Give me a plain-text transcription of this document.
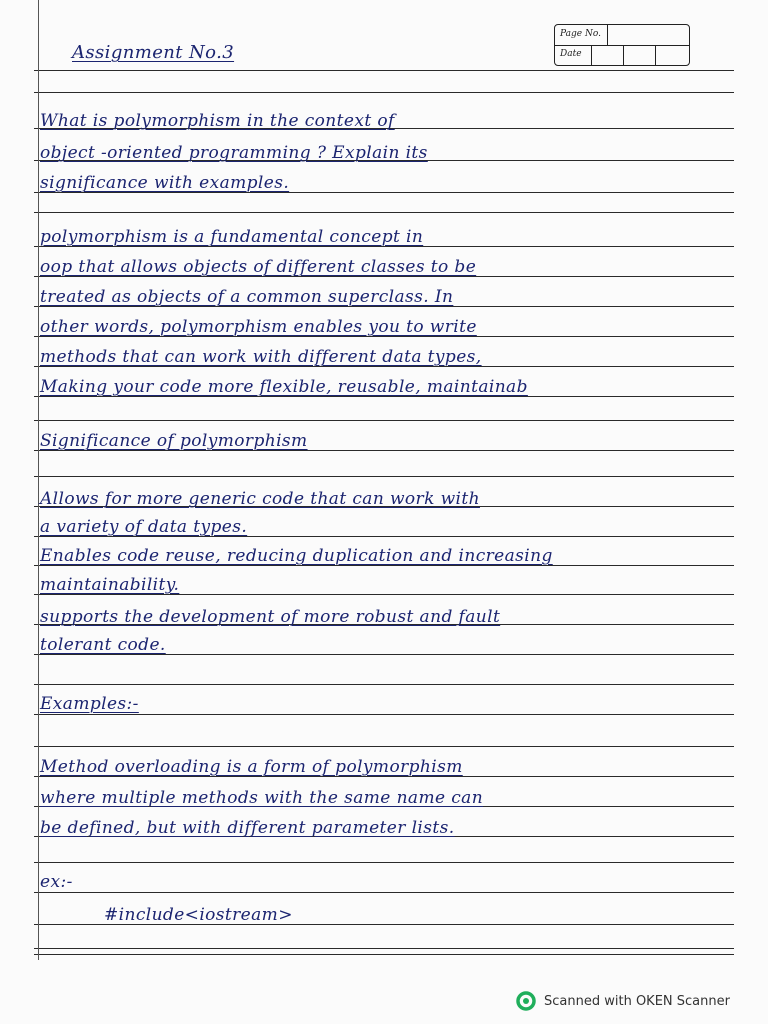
Page No.
Date
Assignment No.3
What is polymorphism in the context of
object -oriented programming ? Explain its
significance with examples.
polymorphism is a fundamental concept in
oop that allows objects of different classes to be
treated as objects of a common superclass. In
other words, polymorphism enables you to write
methods that can work with different data types,
Making your code more flexible, reusable, maintainab
Significance of polymorphism
Allows for more generic code that can work with
a variety of data types.
Enables code reuse, reducing duplication and increasing
maintainability.
supports the development of more robust and fault
tolerant code.
Examples:-
Method overloading is a form of polymorphism
where multiple methods with the same name can
be defined, but with different parameter lists.
ex:-
#include<iostream>
Scanned with OKEN Scanner
